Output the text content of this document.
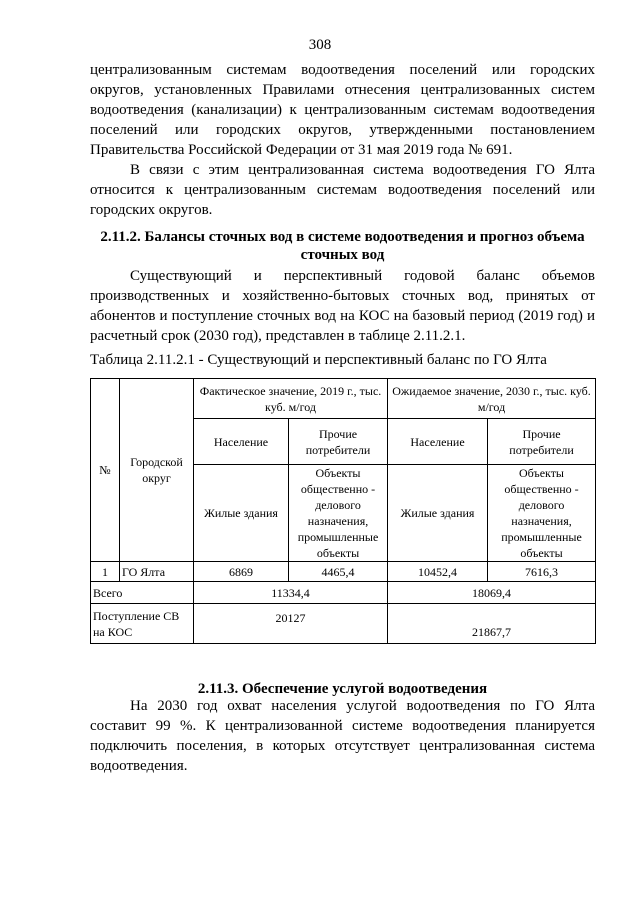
308
централизованным системам водоотведения поселений или городских округов, установленных Правилами отнесения централизованных систем водоотведения (канализации) к централизованным системам водоотведения поселений или городских округов, утвержденными постановлением Правительства Российской Федерации от 31 мая 2019 года № 691.
В связи с этим централизованная система водоотведения ГО Ялта относится к централизованным системам водоотведения поселений или городских округов.
2.11.2. Балансы сточных вод в системе водоотведения и прогноз объема сточных вод
Существующий и перспективный годовой баланс объемов производственных и хозяйственно-бытовых сточных вод, принятых от абонентов и поступление сточных вод на КОС на базовый период (2019 год) и расчетный срок (2030 год), представлен в таблице 2.11.2.1.
Таблица 2.11.2.1 - Существующий и перспективный баланс по ГО Ялта
№	Городской округ	Фактическое значение, 2019 г., тыс. куб. м/год		Ожидаемое значение, 2030 г., тыс. куб. м/год	
		Население	Прочие потребители	Население	Прочие потребители
		Жилые здания	Объекты общественно - делового назначения, промышленные объекты	Жилые здания	Объекты общественно - делового назначения, промышленные объекты
1	ГО Ялта	6869	4465,4	10452,4	7616,3
Всего		11334,4		18069,4	
Поступление СВ на КОС		20127		21867,7	
2.11.3. Обеспечение услугой водоотведения
На 2030 год охват населения услугой водоотведения по ГО Ялта составит 99 %. К централизованной системе водоотведения планируется подключить поселения, в которых отсутствует централизованная система водоотведения.
